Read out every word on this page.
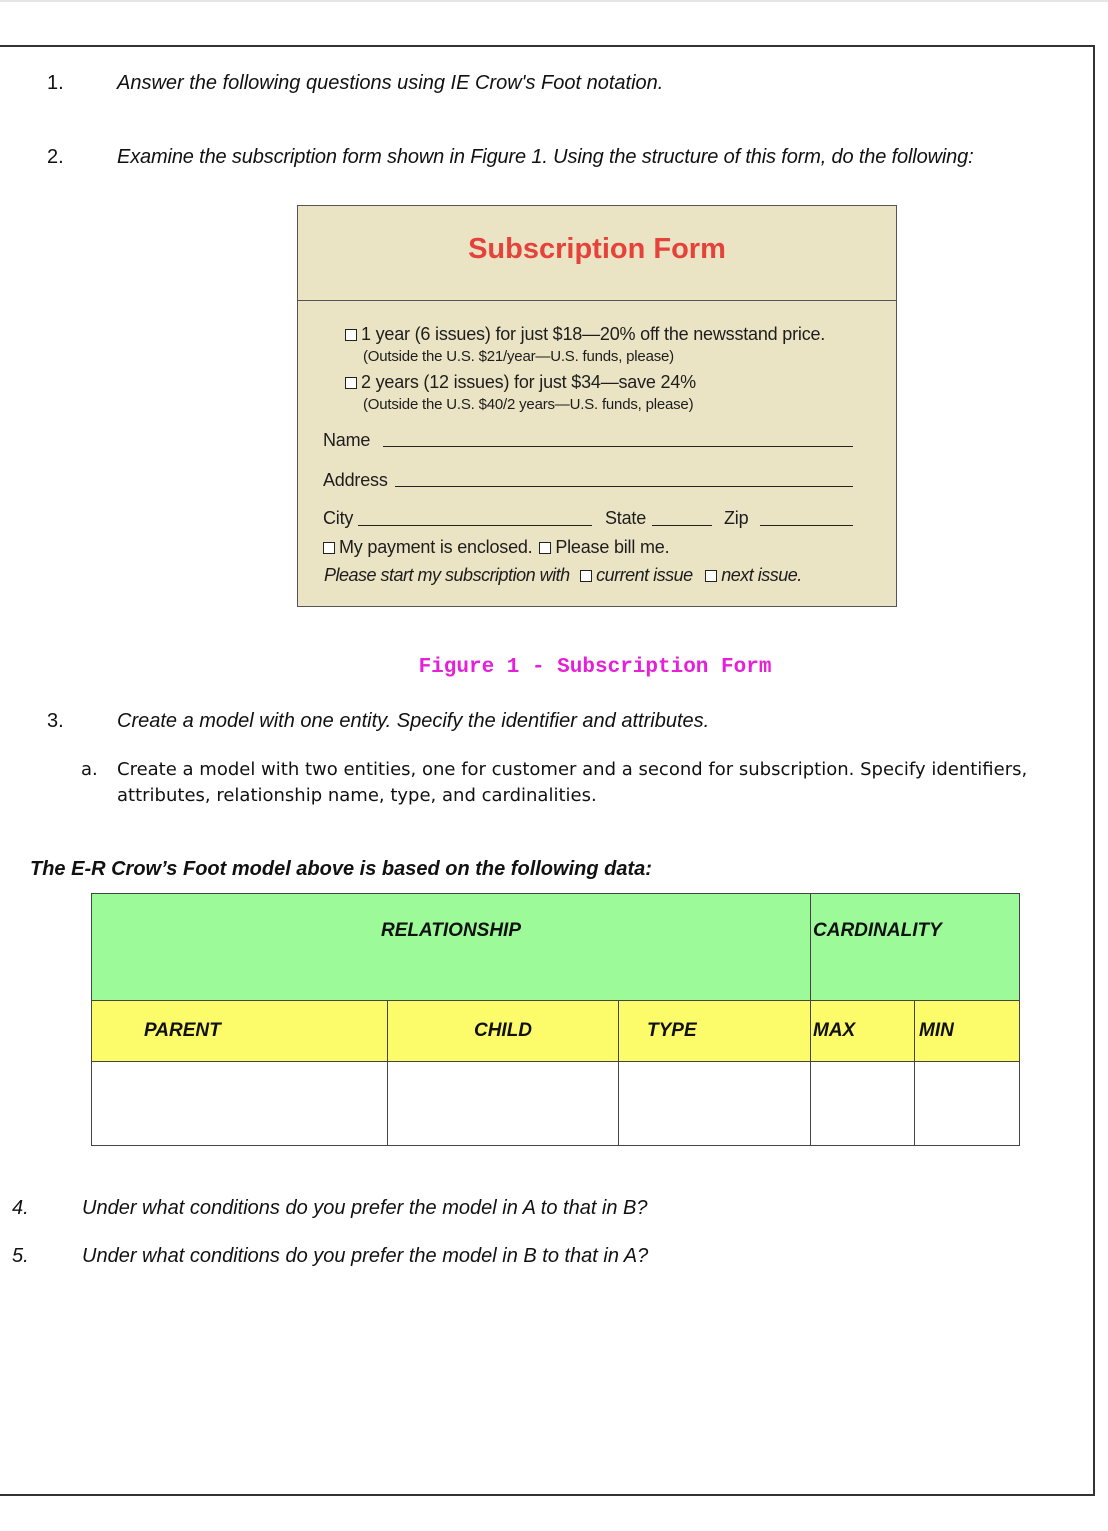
1.	Answer the following questions using IE Crow's Foot notation.
2.	Examine the subscription form shown in Figure 1. Using the structure of this form, do the following:
Subscription Form
1 year (6 issues) for just $18—20% off the newsstand price.
(Outside the U.S. $21/year—U.S. funds, please)
2 years (12 issues) for just $34—save 24%
(Outside the U.S. $40/2 years—U.S. funds, please)
Name
Address
City	State	Zip
My payment is enclosed. Please bill me.
Please start my subscription with current issue next issue.
Figure 1 - Subscription Form
3.	Create a model with one entity. Specify the identifier and attributes.
a. Create a model with two entities, one for customer and a second for subscription. Specify identifiers,
attributes, relationship name, type, and cardinalities.
The E-R Crow’s Foot model above is based on the following data:
RELATIONSHIP			CARDINALITY	
PARENT	CHILD	TYPE	MAX	MIN

4.	Under what conditions do you prefer the model in A to that in B?
5.	Under what conditions do you prefer the model in B to that in A?
